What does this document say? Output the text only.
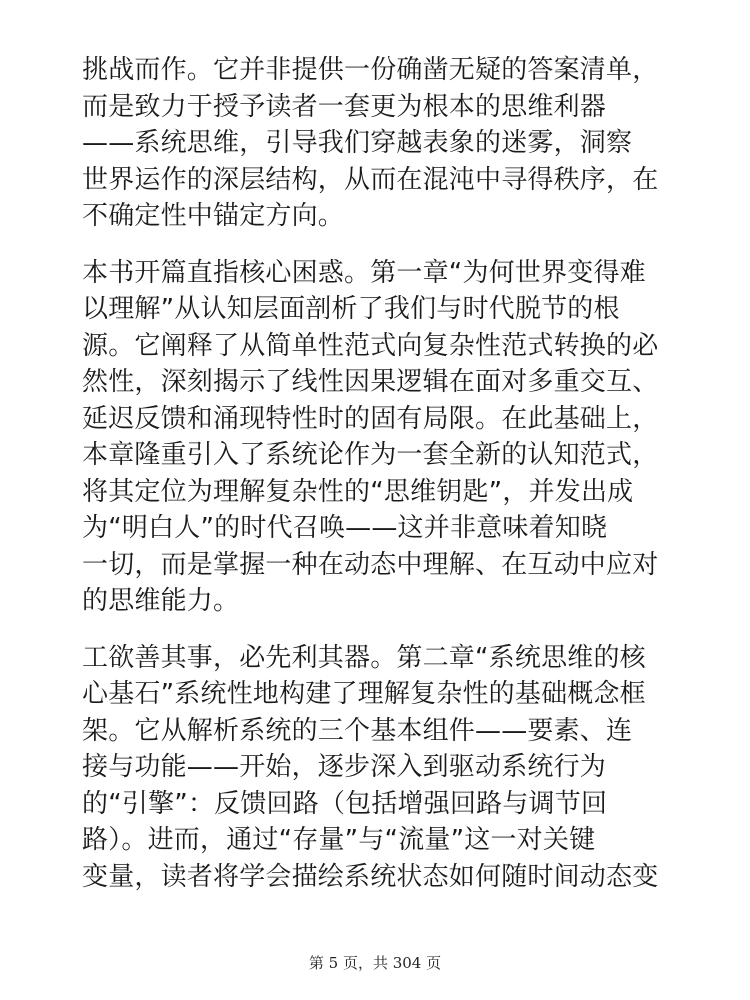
挑战而作。它并非提供一份确凿无疑的答案清单，
而是致力于授予读者一套更为根本的思维利器
——系统思维，引导我们穿越表象的迷雾，洞察
世界运作的深层结构，从而在混沌中寻得秩序，在
不确定性中锚定方向。
本书开篇直指核心困惑。第一章“为何世界变得难
以理解”从认知层面剖析了我们与时代脱节的根
源。它阐释了从简单性范式向复杂性范式转换的必
然性，深刻揭示了线性因果逻辑在面对多重交互、
延迟反馈和涌现特性时的固有局限。在此基础上，
本章隆重引入了系统论作为一套全新的认知范式，
将其定位为理解复杂性的“思维钥匙”，并发出成
为“明白人”的时代召唤——这并非意味着知晓
一切，而是掌握一种在动态中理解、在互动中应对
的思维能力。
工欲善其事，必先利其器。第二章“系统思维的核
心基石”系统性地构建了理解复杂性的基础概念框
架。它从解析系统的三个基本组件——要素、连
接与功能——开始，逐步深入到驱动系统行为
的“引擎”：反馈回路（包括增强回路与调节回
路）。进而，通过“存量”与“流量”这一对关键
变量，读者将学会描绘系统状态如何随时间动态变
第 5 页，共 304 页
